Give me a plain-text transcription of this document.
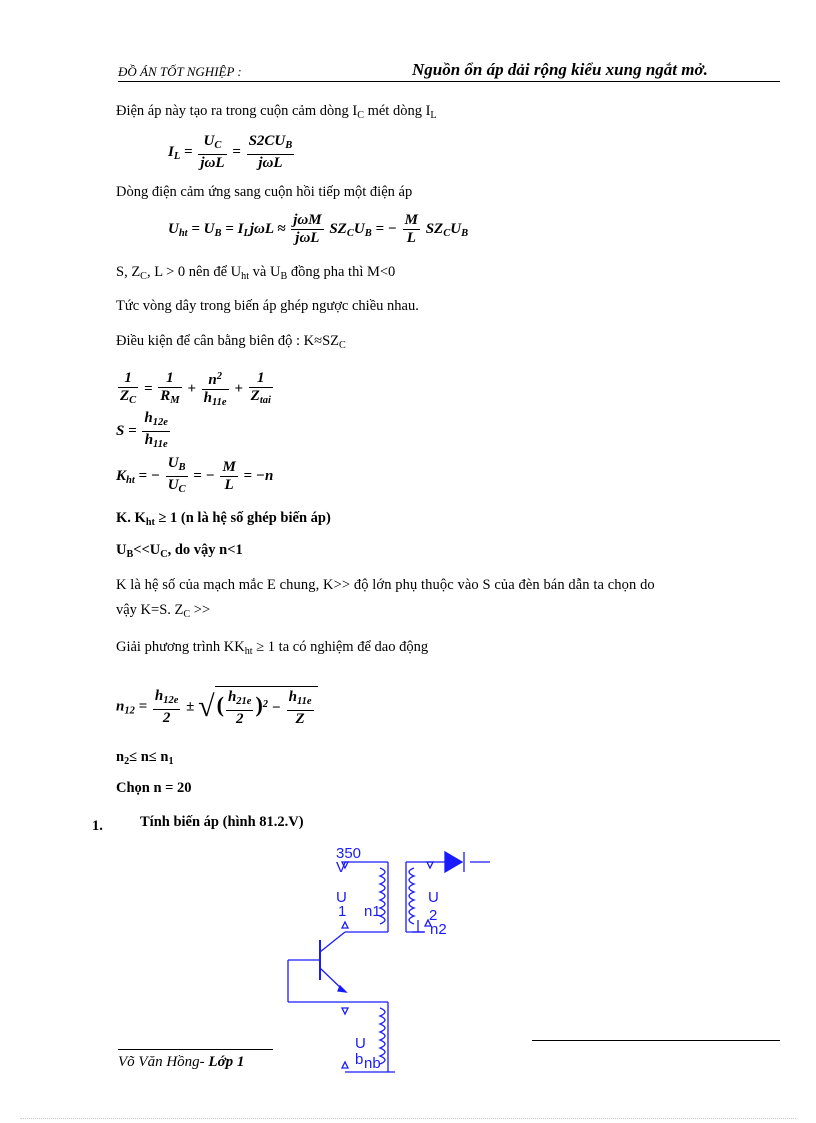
ĐỒ ÁN TỐT NGHIỆP :	Nguồn ổn áp dải rộng kiểu xung ngắt mở.
Điện áp này tạo ra trong cuộn cảm dòng $I_C$ mét dòng $I_L$
$I_L = \frac{U_C}{\text{jωL}} = \frac{S2CU_B}{\text{jωL}}$
Dòng điện cảm ứng sang cuộn hồi tiếp một điện áp
$U_{ht} = U_B = I_Lj\omega L \approx \frac{\text{jωM}}{\text{jωL}} SZ_CU_B$ = − $\frac{M}{L} SZ_CU_B$
S, $Z_C$, L > 0 nên để $U_{ht}$ và $U_B$ đồng pha thì M<0
Tức vòng dây trong biến áp ghép ngược chiều nhau.
Điều kiện để cân bằng biên độ : $K\approx SZ_C$
$\frac{1}{Z_C} = \frac{1}{R_M} + \frac{n^2}{h_{11e}} + \frac{1}{Z_{tai}}$
$S = \frac{h_{12e}}{h_{11e}}$
$K_{ht}$ = − $\frac{U_B}{U_C}$ = − $\frac{M}{L} = -n$
K. $K_{ht} \ge 1$ (n là hệ số ghép biến áp)
$U_B<<U_C$, do vậy n<1
K là hệ số của mạch mắc E chung, K>> độ lớn phụ thuộc vào S của đèn bán dẫn ta chọn do
vậy K=S. $Z_C$ >>
Giải phương trình $KK_{ht} \ge 1$ ta có nghiệm để dao động
$n_{12} = \frac{h_{12e}}{2}$ ± √( $\frac{h_{21e}}{2} )^2 - \frac{h_{11e}}{Z}$
$n_2\le n\le n_1$
Chọn n = 20
1.	Tính biến áp (hình 81.2.V)
350
V
U
1 n1
U
2
n2
U
b nb
Võ Văn Hồng- Lớp 1
